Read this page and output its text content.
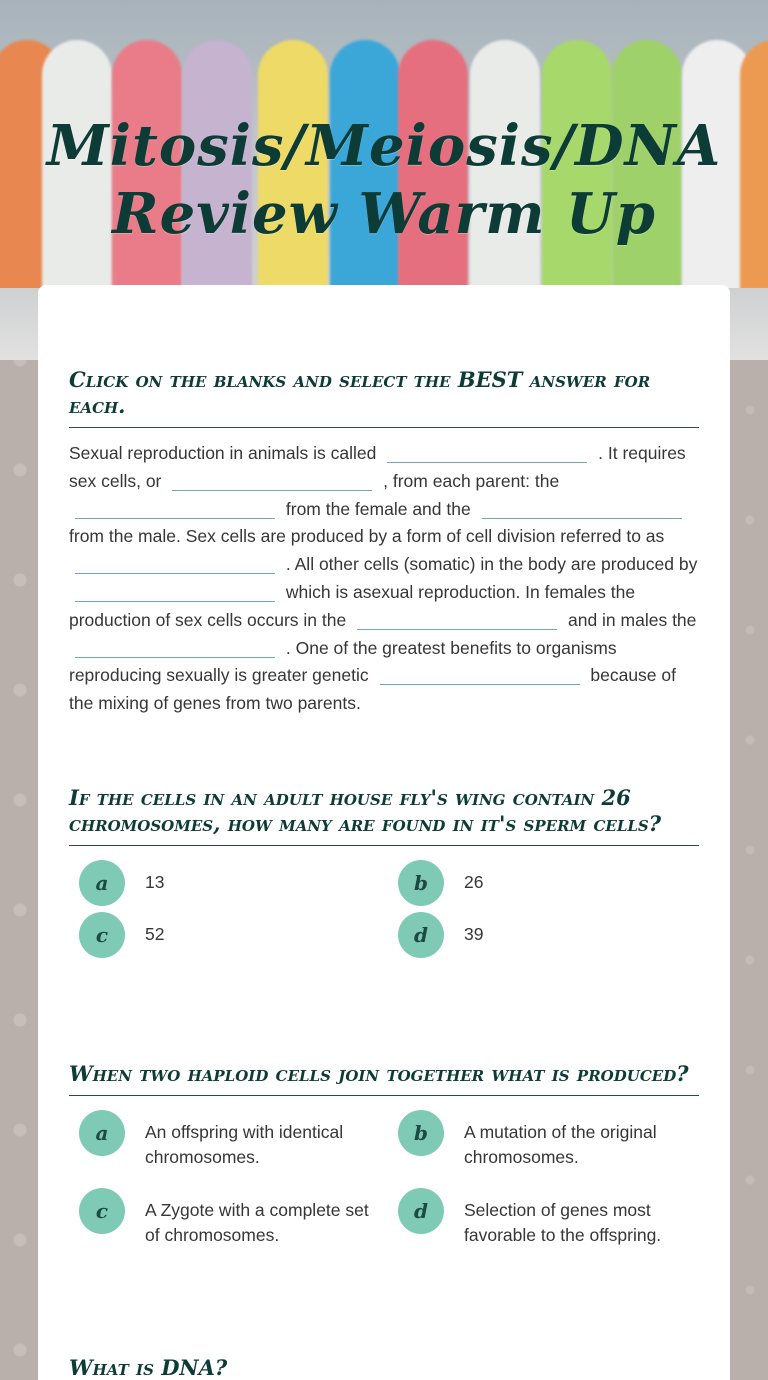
Mitosis/Meiosis/DNA Review Warm Up
Click on the blanks and select the BEST answer for each.
Sexual reproduction in animals is called	. It requires sex cells, or	, from each parent: the  from the female and the  from the male. Sex cells are produced by a form of cell division referred to as  . All other cells (somatic) in the body are produced by  which is asexual reproduction. In females the production of sex cells occurs in the	and in males the  . One of the greatest benefits to organisms reproducing sexually is greater genetic	because of the mixing of genes from two parents.
If the cells in an adult house fly's wing contain 26 chromosomes, how many are found in it's sperm cells?
a	13	b	26
c	52	d	39
When two haploid cells join together what is produced?
a	An offspring with identical chromosomes.
b	A mutation of the original chromosomes.
c	A Zygote with a complete set of chromosomes.
d	Selection of genes most favorable to the offspring.
What is DNA?
